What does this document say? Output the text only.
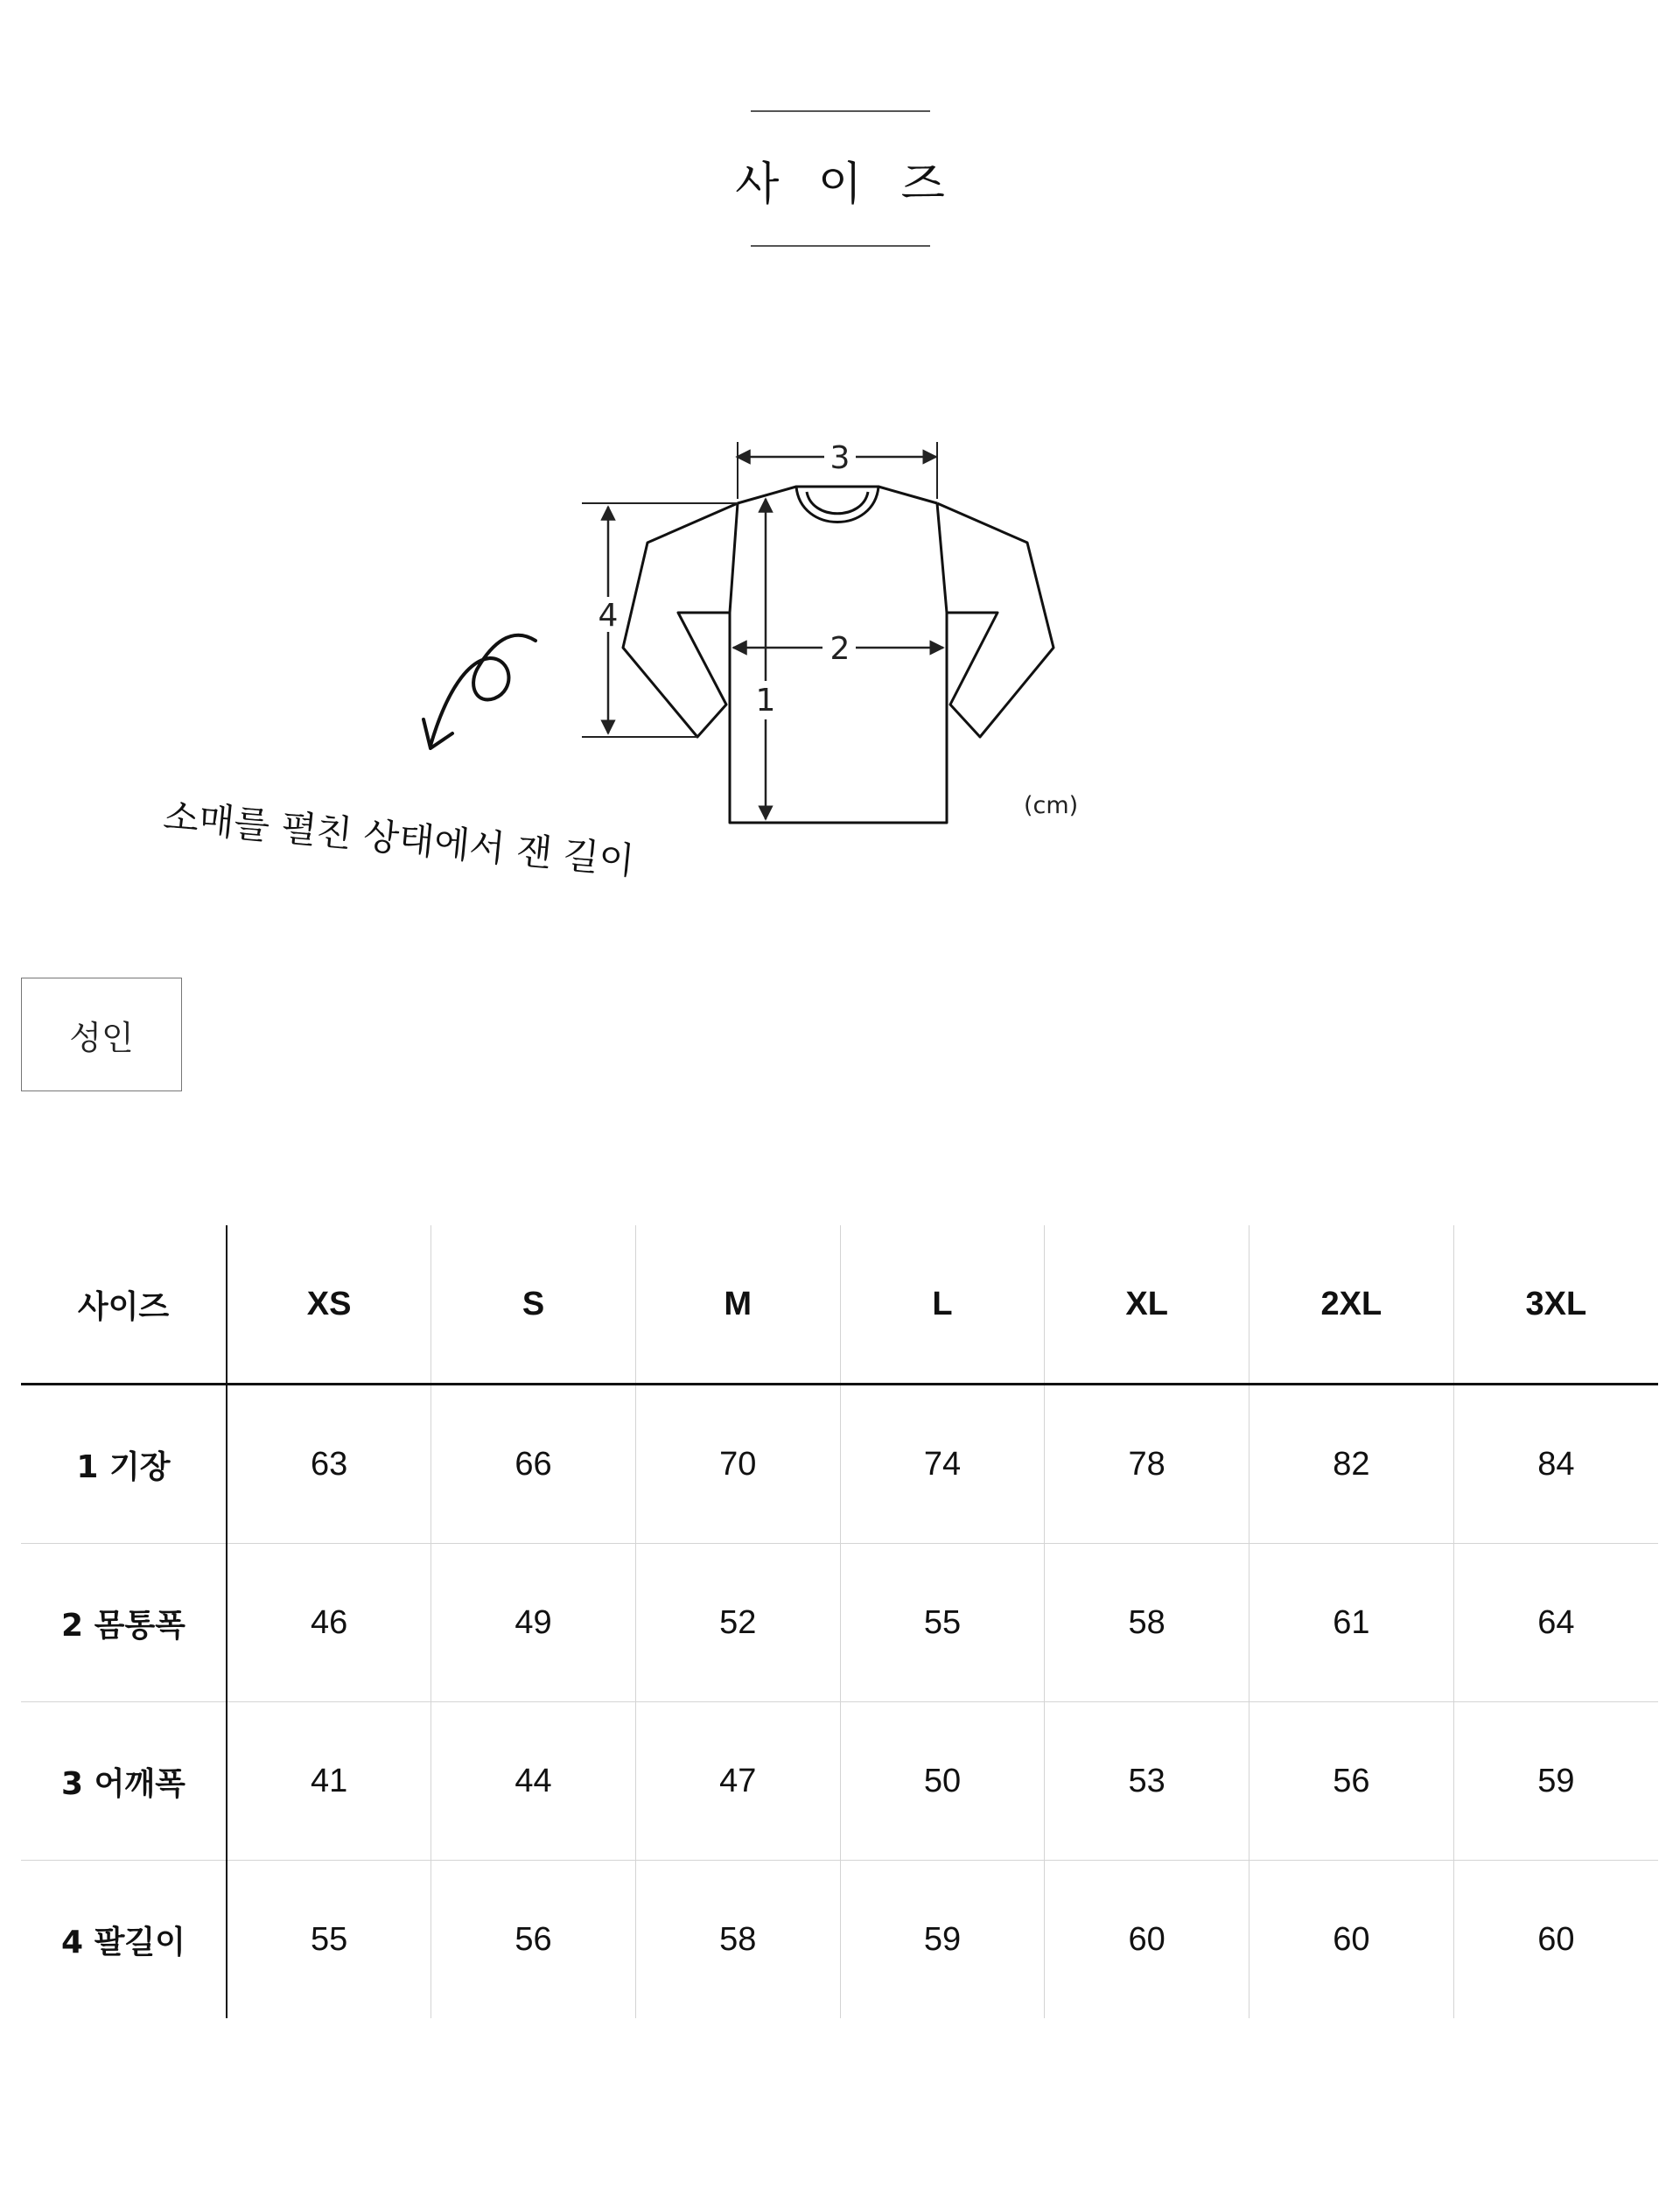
사 이 즈
3
2
1
4
소매를 펼친 상태에서 잰 길이	(cm)
성인
사이즈	XS	S	M	L	XL	2XL	3XL
1 기장	63	66	70	74	78	82	84
2 몸통폭	46	49	52	55	58	61	64
3 어깨폭	41	44	47	50	53	56	59
4 팔길이	55	56	58	59	60	60	60
